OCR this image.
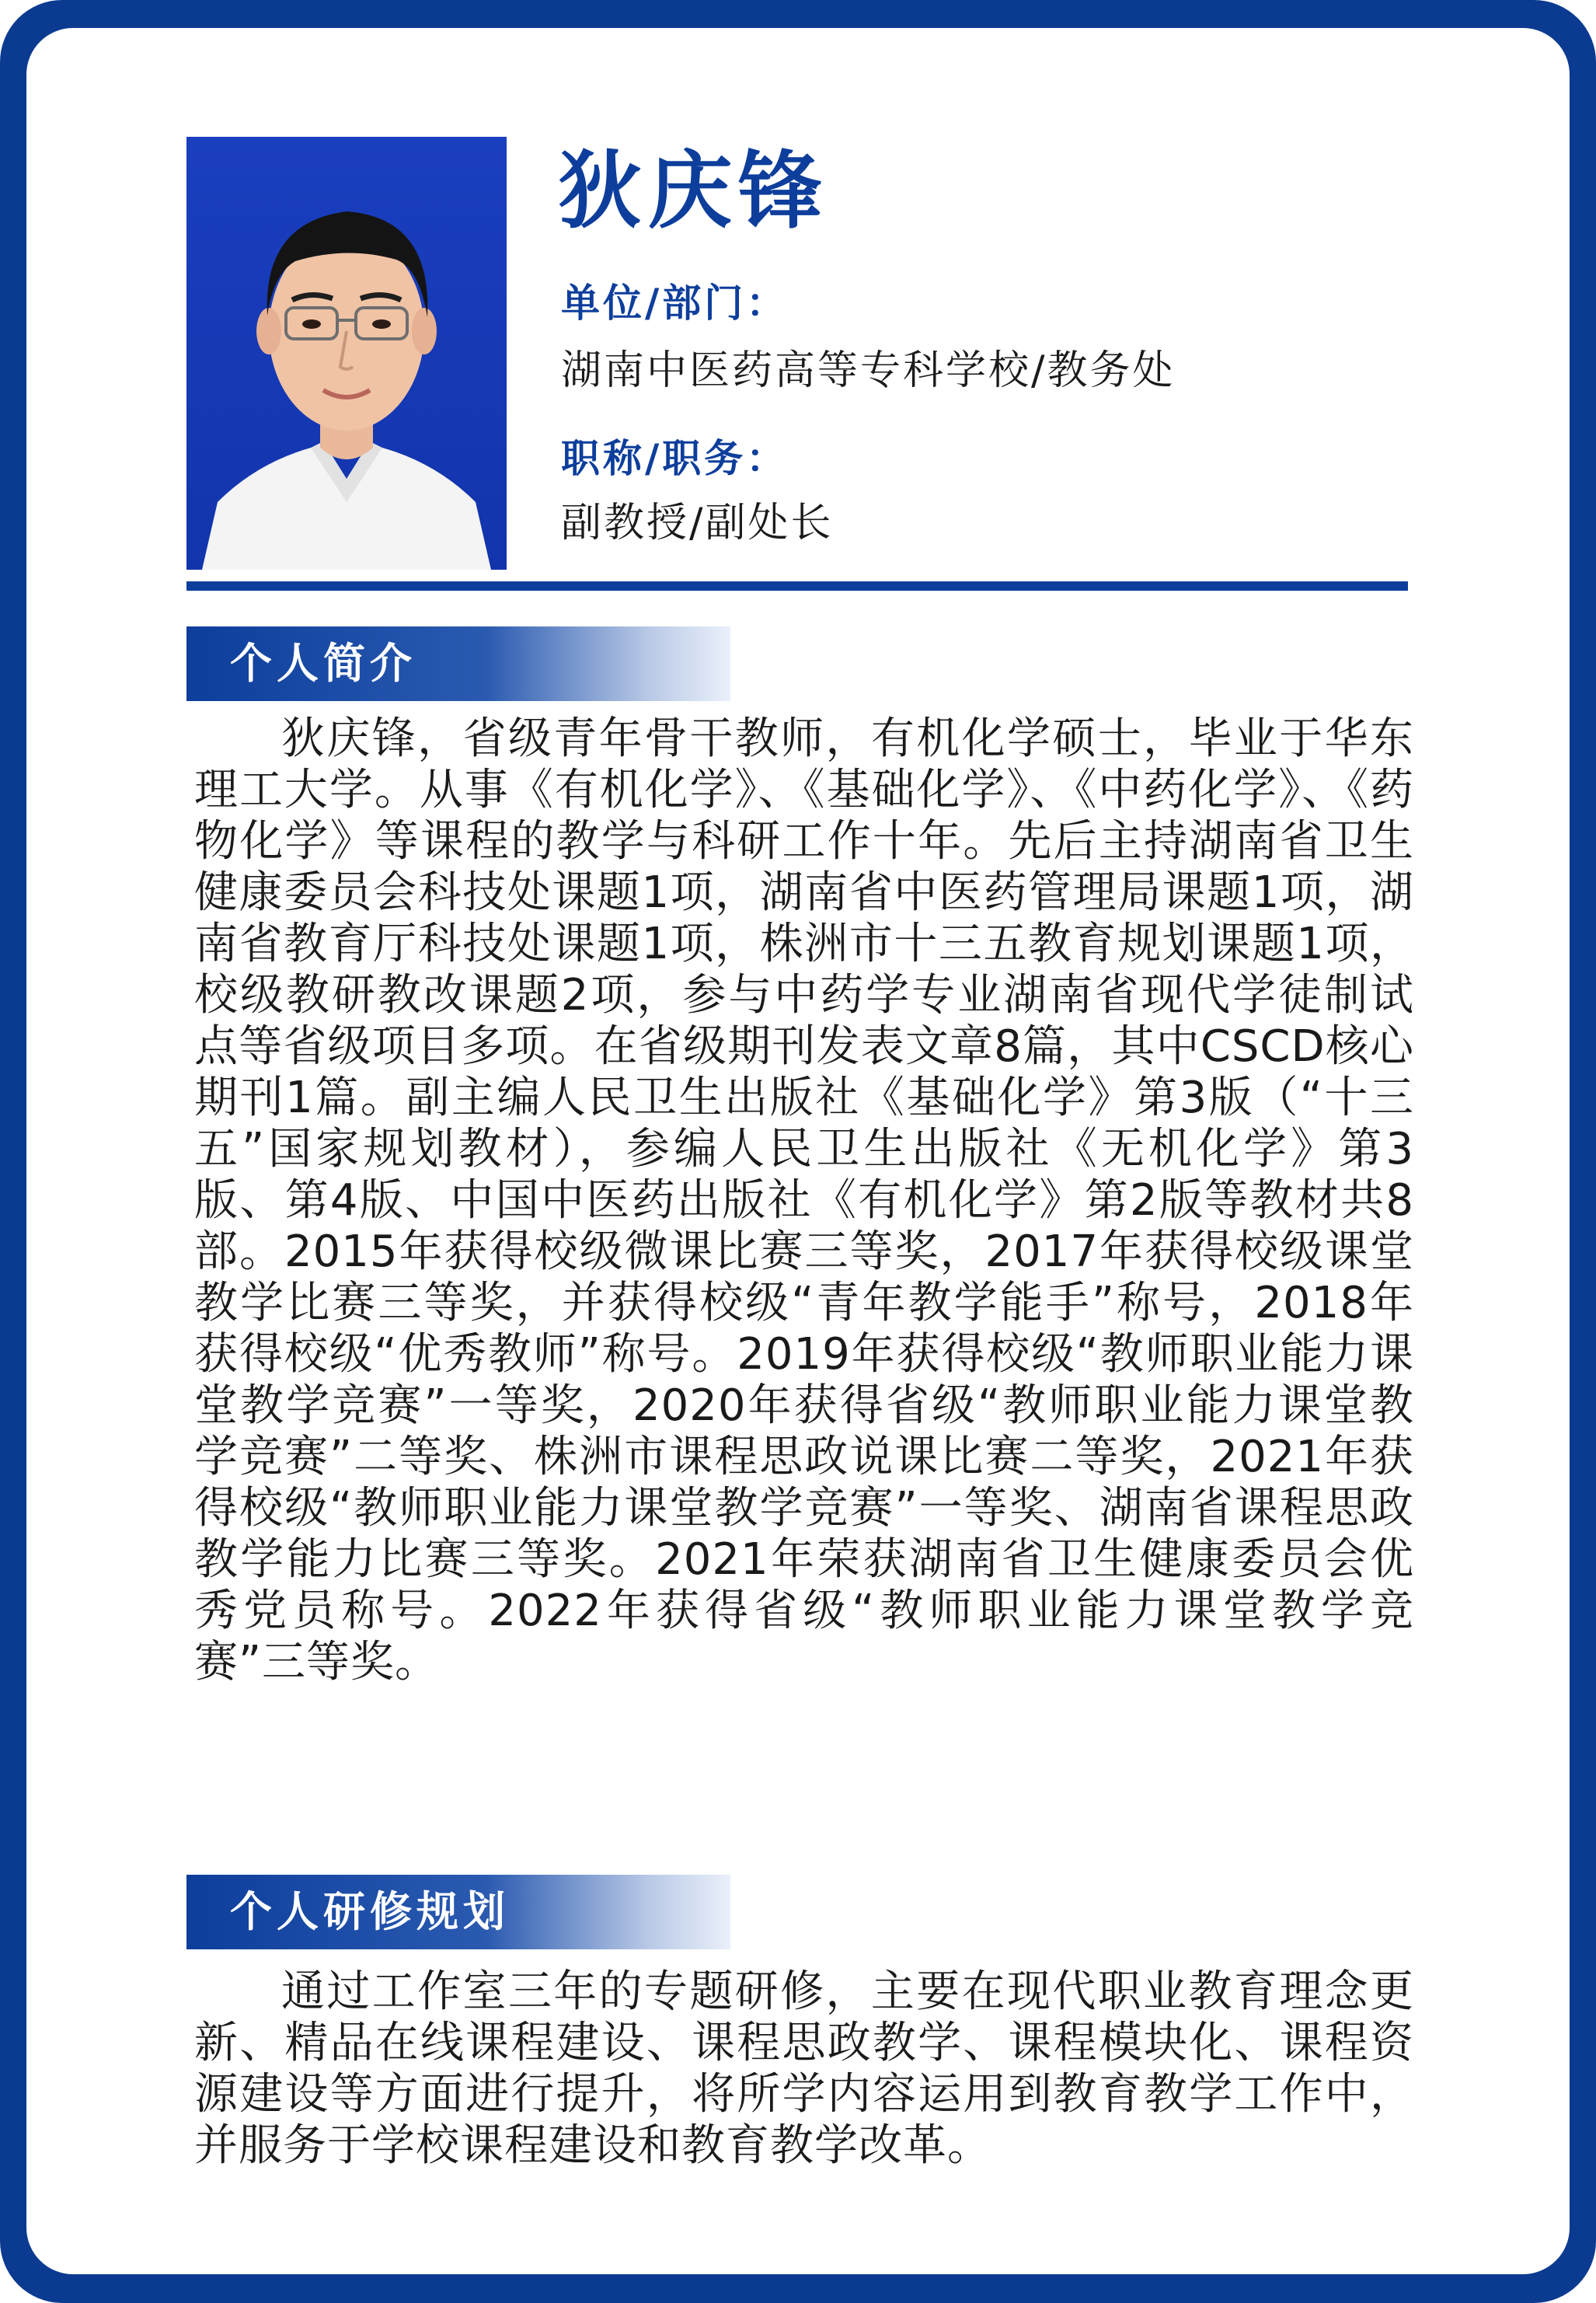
狄庆锋
单位/部门：
湖南中医药高等专科学校/教务处
职称/职务：
副教授/副处长
个人简介

狄庆锋，省级青年骨干教师，有机化学硕士，毕业于华东理工大学。从事《有机化学》、《基础化学》、《中药化学》、《药物化学》等课程的教学与科研工作十年。先后主持湖南省卫生健康委员会科技处课题1项，湖南省中医药管理局课题1项，湖南省教育厅科技处课题1项，株洲市十三五教育规划课题1项，校级教研教改课题2项，参与中药学专业湖南省现代学徒制试点等省级项目多项。在省级期刊发表文章8篇，其中CSCD核心期刊1篇。副主编人民卫生出版社《基础化学》第3版（“十三五”国家规划教材），参编人民卫生出版社《无机化学》第3版、第4版、中国中医药出版社《有机化学》第2版等教材共8部。2015年获得校级微课比赛三等奖，2017年获得校级课堂教学比赛三等奖，并获得校级“青年教学能手”称号，2018年获得校级“优秀教师”称号。2019年获得校级“教师职业能力课堂教学竞赛”一等奖，2020年获得省级“教师职业能力课堂教学竞赛”二等奖、株洲市课程思政说课比赛二等奖，2021年获得校级“教师职业能力课堂教学竞赛”一等奖、湖南省课程思政教学能力比赛三等奖。2021年荣获湖南省卫生健康委员会优秀党员称号。2022年获得省级“教师职业能力课堂教学竞赛”三等奖。

个人研修规划

通过工作室三年的专题研修，主要在现代职业教育理念更新、精品在线课程建设、课程思政教学、课程模块化、课程资源建设等方面进行提升，将所学内容运用到教育教学工作中，并服务于学校课程建设和教育教学改革。
